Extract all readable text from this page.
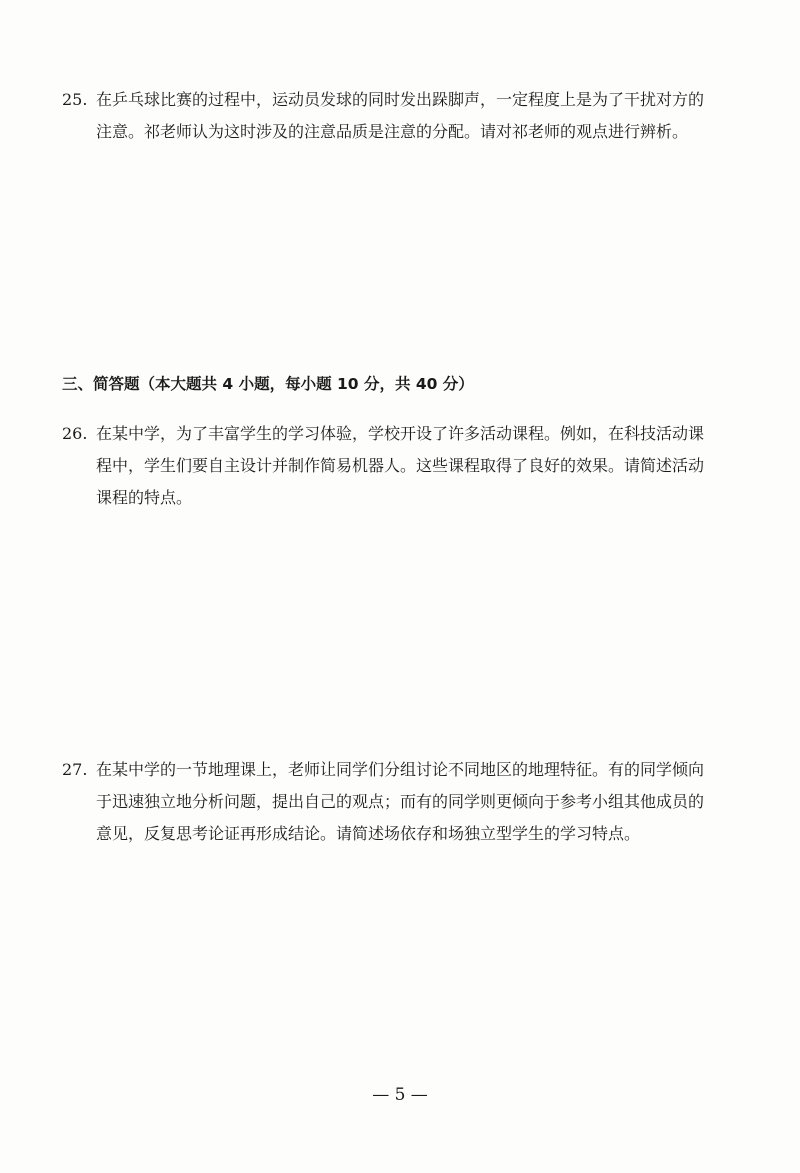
25. 在乒乓球比赛的过程中，运动员发球的同时发出跺脚声，一定程度上是为了干扰对方的
注意。祁老师认为这时涉及的注意品质是注意的分配。请对祁老师的观点进行辨析。
三、简答题（本大题共 4 小题，每小题 10 分，共 40 分）
26. 在某中学，为了丰富学生的学习体验，学校开设了许多活动课程。例如，在科技活动课
程中，学生们要自主设计并制作简易机器人。这些课程取得了良好的效果。请简述活动
课程的特点。
27. 在某中学的一节地理课上，老师让同学们分组讨论不同地区的地理特征。有的同学倾向
于迅速独立地分析问题，提出自己的观点；而有的同学则更倾向于参考小组其他成员的
意见，反复思考论证再形成结论。请简述场依存和场独立型学生的学习特点。
— 5 —
